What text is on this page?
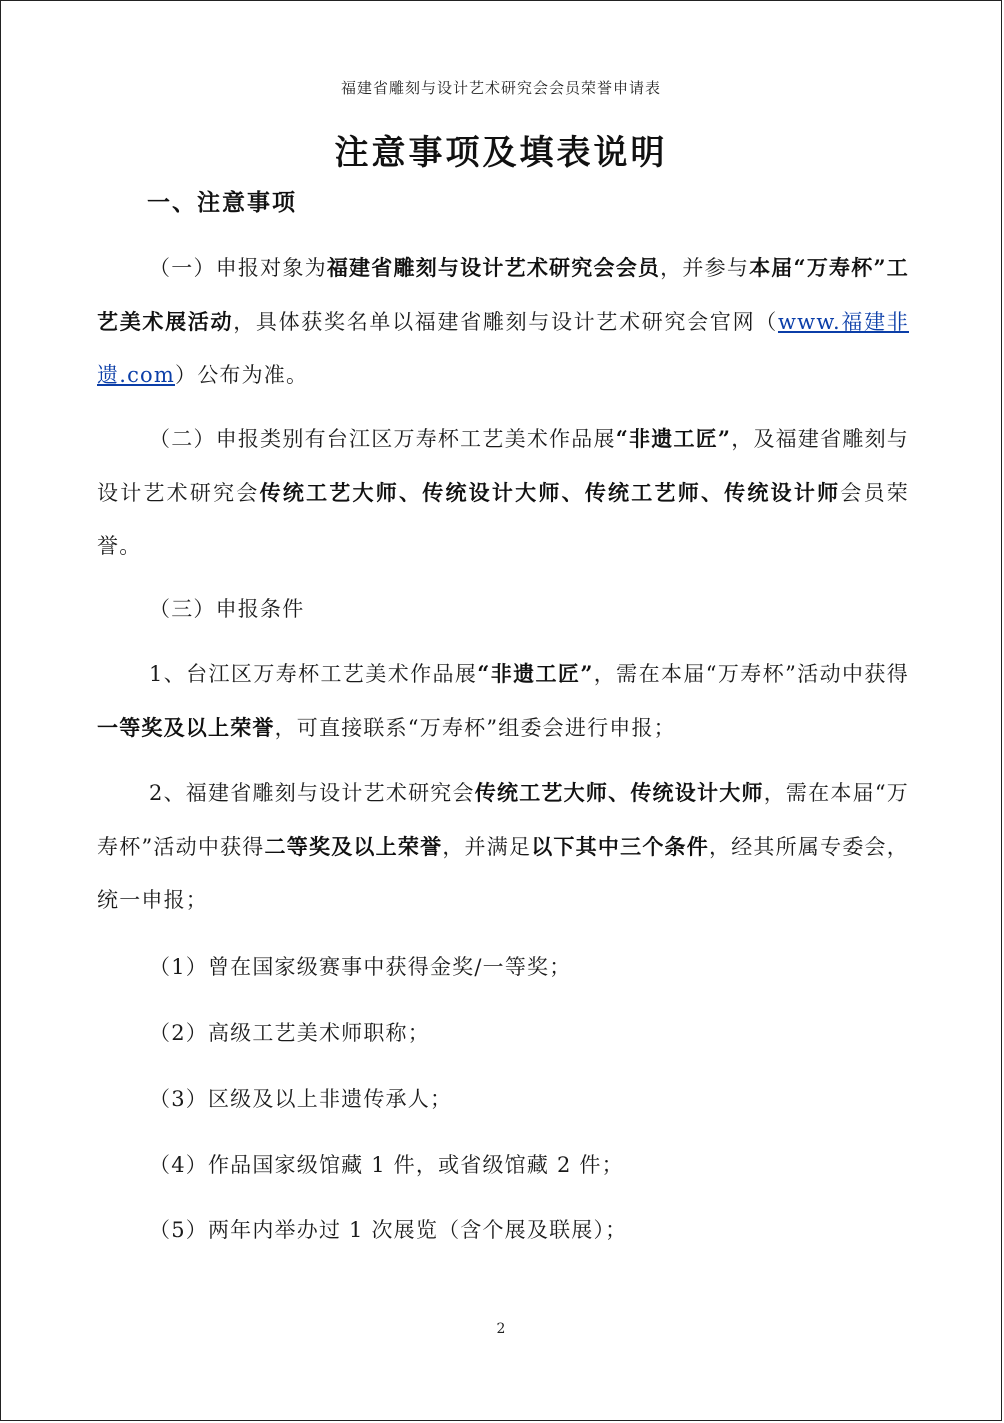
福建省雕刻与设计艺术研究会会员荣誉申请表
注意事项及填表说明
一、注意事项

（一）申报对象为福建省雕刻与设计艺术研究会会员，并参与本届“万寿杯”工艺美术展活动，具体获奖名单以福建省雕刻与设计艺术研究会官网（www.福建非遗.com）公布为准。

（二）申报类别有台江区万寿杯工艺美术作品展“非遗工匠”，及福建省雕刻与设计艺术研究会传统工艺大师、传统设计大师、传统工艺师、传统设计师会员荣誉。

（三）申报条件

1、台江区万寿杯工艺美术作品展“非遗工匠”，需在本届“万寿杯”活动中获得一等奖及以上荣誉，可直接联系“万寿杯”组委会进行申报；

2、福建省雕刻与设计艺术研究会传统工艺大师、传统设计大师，需在本届“万寿杯”活动中获得二等奖及以上荣誉，并满足以下其中三个条件，经其所属专委会，统一申报；

（1）曾在国家级赛事中获得金奖/一等奖；

（2）高级工艺美术师职称；

（3）区级及以上非遗传承人；

（4）作品国家级馆藏 1 件，或省级馆藏 2 件；

（5）两年内举办过 1 次展览（含个展及联展）；

2
